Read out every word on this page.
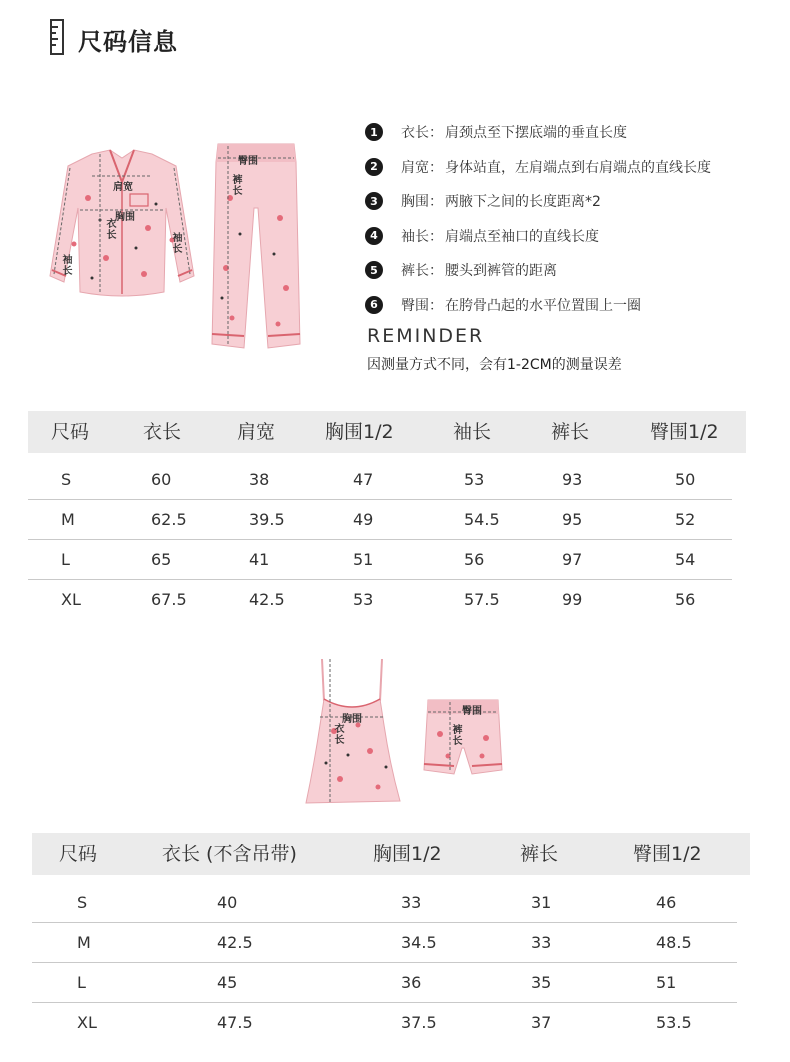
尺码信息
肩宽
胸围
衣长
袖长
袖长
臀围
裤长
1	衣长： 肩颈点至下摆底端的垂直长度
2	肩宽： 身体站直，左肩端点到右肩端点的直线长度
3	胸围： 两腋下之间的长度距离*2
4	袖长： 肩端点至袖口的直线长度
5	裤长： 腰头到裤管的距离
6	臀围： 在胯骨凸起的水平位置围上一圈
REMINDER
因测量方式不同，会有1-2CM的测量误差
尺码	衣长	肩宽	胸围1/2	袖长	裤长	臀围1/2
S	60	38	47	53	93	50
M	62.5	39.5	49	54.5	95	52
L	65	41	51	56	97	54
XL	67.5	42.5	53	57.5	99	56
胸围
衣长
臀围
裤长
尺码	衣长 (不含吊带)	胸围1/2	裤长	臀围1/2
S	40	33	31	46
M	42.5	34.5	33	48.5
L	45	36	35	51
XL	47.5	37.5	37	53.5
